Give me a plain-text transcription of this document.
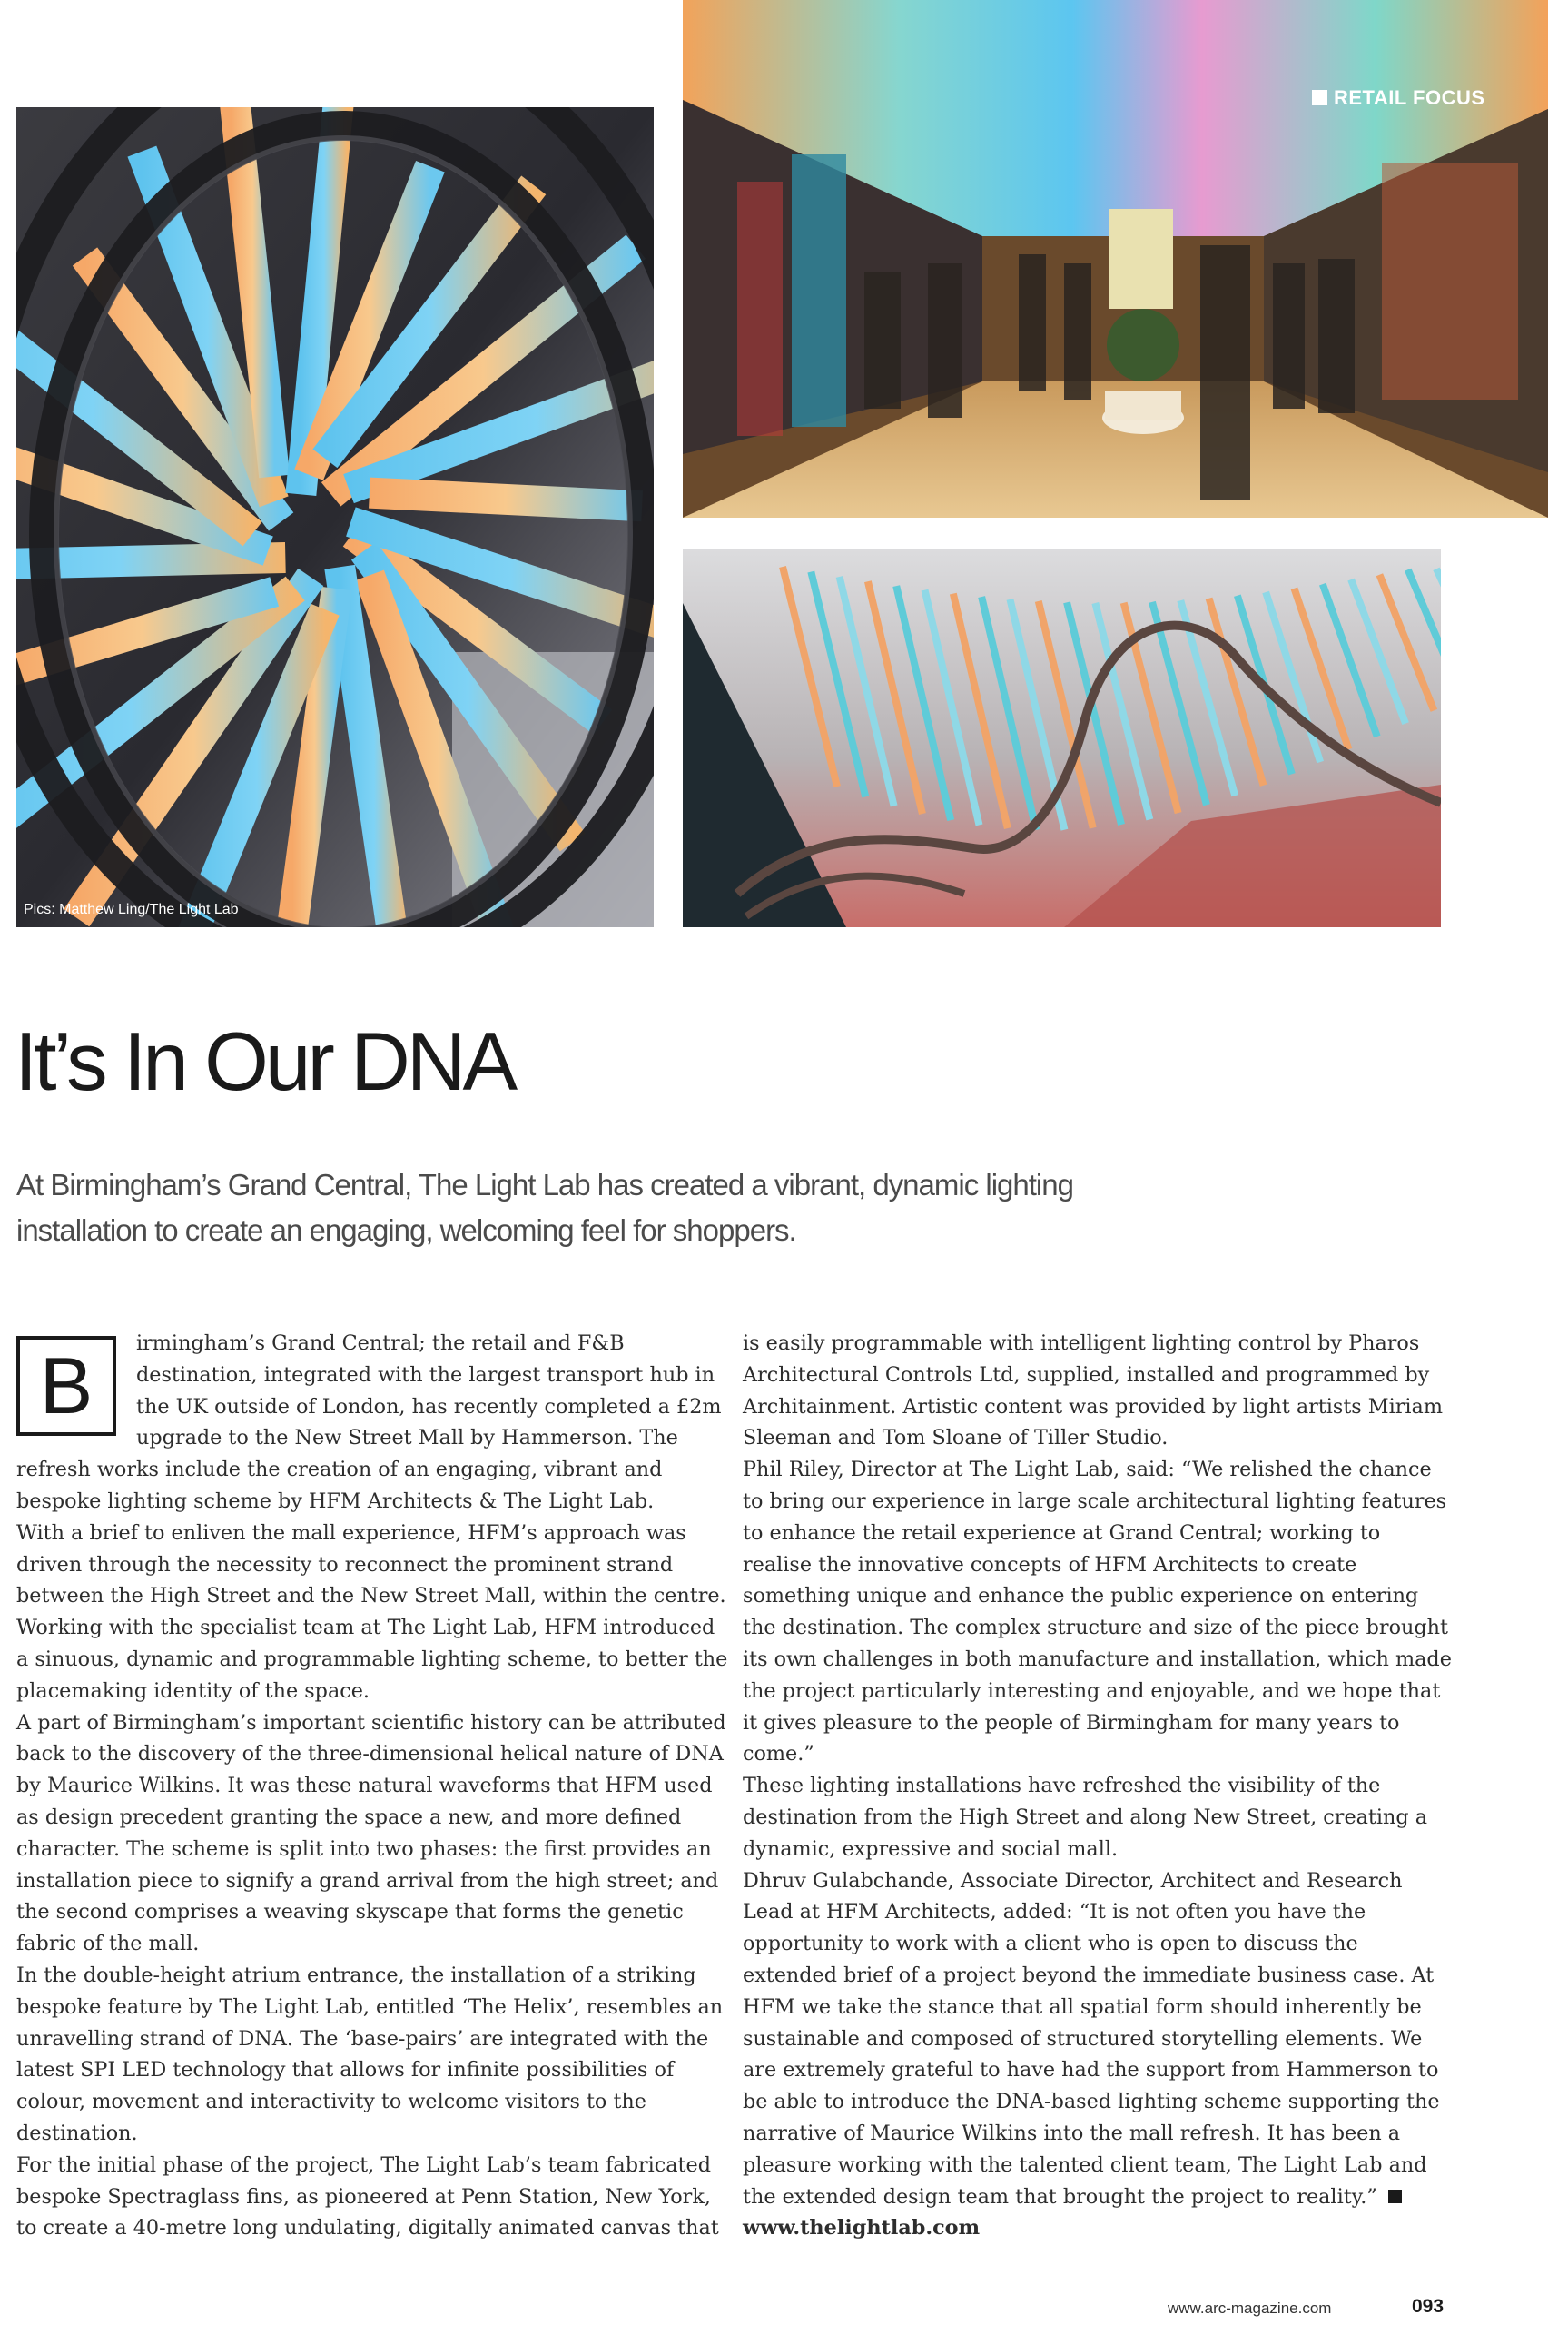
Pics: Matthew Ling/The Light Lab
RETAIL FOCUS
It’s In Our DNA

At Birmingham’s Grand Central, The Light Lab has created a vibrant, dynamic lighting installation to create an engaging, welcoming feel for shoppers.

B	irmingham’s Grand Central; the retail and F&B destination, integrated with the largest transport hub in the UK outside of London, has recently completed a £2m upgrade to the New Street Mall by Hammerson. The refresh works include the creation of an engaging, vibrant and bespoke lighting scheme by HFM Architects & The Light Lab.

With a brief to enliven the mall experience, HFM’s approach was driven through the necessity to reconnect the prominent strand between the High Street and the New Street Mall, within the centre. Working with the specialist team at The Light Lab, HFM introduced a sinuous, dynamic and programmable lighting scheme, to better the placemaking identity of the space.

A part of Birmingham’s important scientific history can be attributed back to the discovery of the three-dimensional helical nature of DNA by Maurice Wilkins. It was these natural waveforms that HFM used as design precedent granting the space a new, and more defined character. The scheme is split into two phases: the first provides an installation piece to signify a grand arrival from the high street; and the second comprises a weaving skyscape that forms the genetic fabric of the mall.

In the double-height atrium entrance, the installation of a striking bespoke feature by The Light Lab, entitled ‘The Helix’, resembles an unravelling strand of DNA. The ‘base-pairs’ are integrated with the latest SPI LED technology that allows for infinite possibilities of colour, movement and interactivity to welcome visitors to the destination.

For the initial phase of the project, The Light Lab’s team fabricated bespoke Spectraglass fins, as pioneered at Penn Station, New York, to create a 40-metre long undulating, digitally animated canvas that

is easily programmable with intelligent lighting control by Pharos Architectural Controls Ltd, supplied, installed and programmed by Architainment. Artistic content was provided by light artists Miriam Sleeman and Tom Sloane of Tiller Studio.

Phil Riley, Director at The Light Lab, said: “We relished the chance to bring our experience in large scale architectural lighting features to enhance the retail experience at Grand Central; working to realise the innovative concepts of HFM Architects to create something unique and enhance the public experience on entering the destination. The complex structure and size of the piece brought its own challenges in both manufacture and installation, which made the project particularly interesting and enjoyable, and we hope that it gives pleasure to the people of Birmingham for many years to come.”

These lighting installations have refreshed the visibility of the destination from the High Street and along New Street, creating a dynamic, expressive and social mall.

Dhruv Gulabchande, Associate Director, Architect and Research Lead at HFM Architects, added: “It is not often you have the opportunity to work with a client who is open to discuss the extended brief of a project beyond the immediate business case. At HFM we take the stance that all spatial form should inherently be sustainable and composed of structured storytelling elements. We are extremely grateful to have had the support from Hammerson to be able to introduce the DNA-based lighting scheme supporting the narrative of Maurice Wilkins into the mall refresh. It has been a pleasure working with the talented client team, The Light Lab and the extended design team that brought the project to reality.”

www.thelightlab.com

www.arc-magazine.com	093
